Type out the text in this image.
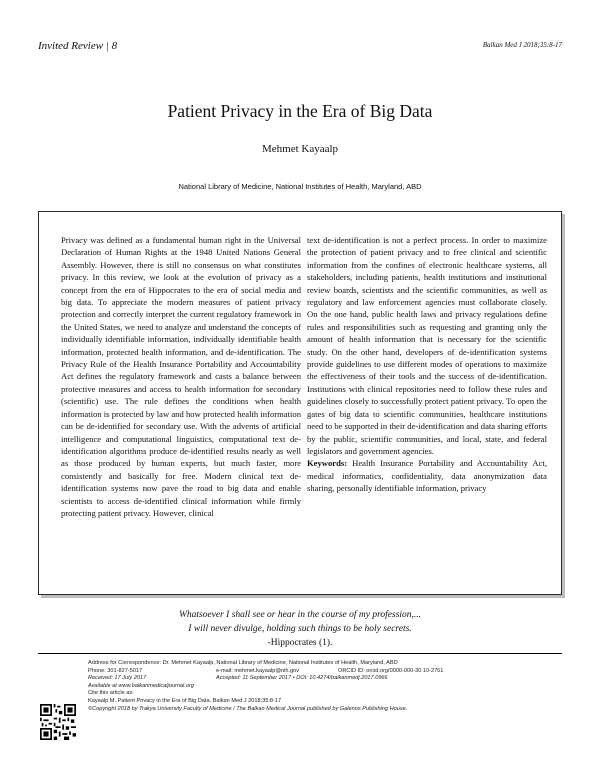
Invited Review | 8	Balkan Med J 2018;35:8-17
Patient Privacy in the Era of Big Data
Mehmet Kayaalp
National Library of Medicine, National Institutes of Health, Maryland, ABD

Privacy was defined as a fundamental human right in the Universal Declaration of Human Rights at the 1948 United Nations General Assembly. However, there is still no consensus on what constitutes privacy. In this review, we look at the evolution of privacy as a concept from the era of Hippocrates to the era of social media and big data. To appreciate the modern measures of patient privacy protection and correctly interpret the current regulatory framework in the United States, we need to analyze and understand the concepts of individually identifiable information, individually identifiable health information, protected health information, and de-identification. The Privacy Rule of the Health Insurance Portability and Accountability Act defines the regulatory framework and casts a balance between protective measures and access to health information for secondary (scientific) use. The rule defines the conditions when health information is protected by law and how protected health information can be de-identified for secondary use. With the advents of artificial intelligence and computational linguistics, computational text de-identification algorithms produce de-identified results nearly as well as those produced by human experts, but much faster, more consistently and basically for free. Modern clinical text de-identification systems now pave the road to big data and enable scientists to access de-identified clinical information while firmly protecting patient privacy. However, clinical

text de-identification is not a perfect process. In order to maximize the protection of patient privacy and to free clinical and scientific information from the confines of electronic healthcare systems, all stakeholders, including patients, health institutions and institutional review boards, scientists and the scientific communities, as well as regulatory and law enforcement agencies must collaborate closely. On the one hand, public health laws and privacy regulations define rules and responsibilities such as requesting and granting only the amount of health information that is necessary for the scientific study. On the other hand, developers of de-identification systems provide guidelines to use different modes of operations to maximize the effectiveness of their tools and the success of de-identification. Institutions with clinical repositories need to follow these rules and guidelines closely to successfully protect patient privacy. To open the gates of big data to scientific communities, healthcare institutions need to be supported in their de-identification and data sharing efforts by the public, scientific communities, and local, state, and federal legislators and government agencies.

Keywords: Health Insurance Portability and Accountability Act, medical informatics, confidentiality, data anonymization data sharing, personally identifiable information, privacy

Whatsoever I shall see or hear in the course of my profession,...
I will never divulge, holding such things to be holy secrets.
-Hippocrates (1).
Address for Correspondence: Dr. Mehmet Kayaalp, National Library of Medicine, National Institutes of Health, Maryland, ABD
Phone: 301-827-5017	e-mail: mehmet.kayaalp@nih.gov	ORCID ID: orcid.org/0000-000-30 10-2761
Received: 17 July 2017	Accepted: 11 September 2017 • DOI: 10.4274/balkanmedj.2017.0966
Available at www.balkanmedicaljournal.org
Cite this article as:
Kayaalp M. Patient Privacy in the Era of Big Data. Balkan Med J 2018;35:8-17
©Copyright 2018 by Trakya University Faculty of Medicine / The Balkan Medical Journal published by Galenos Publishing House.
